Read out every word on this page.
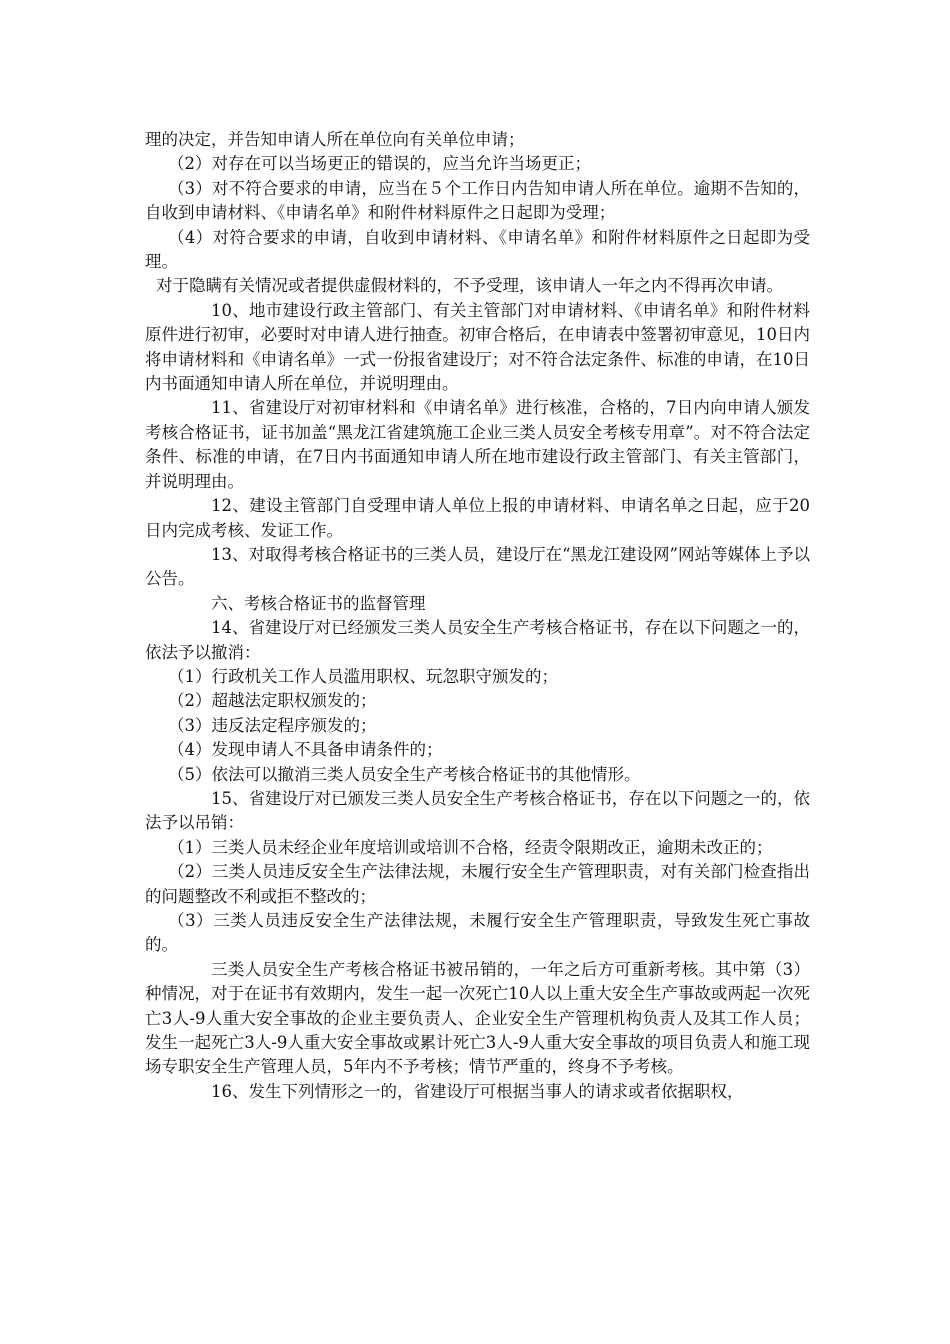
理的决定，并告知申请人所在单位向有关单位申请；

（2）对存在可以当场更正的错误的，应当允许当场更正；

（3）对不符合要求的申请，应当在５个工作日内告知申请人所在单位。逾期不告知的，自收到申请材料、《申请名单》和附件材料原件之日起即为受理；

（4）对符合要求的申请，自收到申请材料、《申请名单》和附件材料原件之日起即为受理。

对于隐瞒有关情况或者提供虚假材料的，不予受理，该申请人一年之内不得再次申请。

10、地市建设行政主管部门、有关主管部门对申请材料、《申请名单》和附件材料原件进行初审，必要时对申请人进行抽查。初审合格后，在申请表中签署初审意见，10日内将申请材料和《申请名单》一式一份报省建设厅；对不符合法定条件、标准的申请，在10日内书面通知申请人所在单位，并说明理由。

11、省建设厅对初审材料和《申请名单》进行核准，合格的，7日内向申请人颁发考核合格证书，证书加盖“黑龙江省建筑施工企业三类人员安全考核专用章”。对不符合法定条件、标准的申请，在7日内书面通知申请人所在地市建设行政主管部门、有关主管部门，并说明理由。

12、建设主管部门自受理申请人单位上报的申请材料、申请名单之日起，应于20日内完成考核、发证工作。

13、对取得考核合格证书的三类人员，建设厅在“黑龙江建设网”网站等媒体上予以公告。

六、考核合格证书的监督管理

14、省建设厅对已经颁发三类人员安全生产考核合格证书，存在以下问题之一的，依法予以撤消：

（1）行政机关工作人员滥用职权、玩忽职守颁发的；

（2）超越法定职权颁发的；

（3）违反法定程序颁发的；

（4）发现申请人不具备申请条件的；

（5）依法可以撤消三类人员安全生产考核合格证书的其他情形。

15、省建设厅对已颁发三类人员安全生产考核合格证书，存在以下问题之一的，依法予以吊销：

（1）三类人员未经企业年度培训或培训不合格，经责令限期改正，逾期未改正的；

（2）三类人员违反安全生产法律法规，未履行安全生产管理职责，对有关部门检查指出的问题整改不利或拒不整改的；

（3）三类人员违反安全生产法律法规，未履行安全生产管理职责，导致发生死亡事故的。

三类人员安全生产考核合格证书被吊销的，一年之后方可重新考核。其中第（3）种情况，对于在证书有效期内，发生一起一次死亡10人以上重大安全生产事故或两起一次死亡3人-9人重大安全事故的企业主要负责人、企业安全生产管理机构负责人及其工作人员；发生一起死亡3人-9人重大安全事故或累计死亡3人-9人重大安全事故的项目负责人和施工现场专职安全生产管理人员，5年内不予考核；情节严重的，终身不予考核。

16、发生下列情形之一的，省建设厅可根据当事人的请求或者依据职权，
